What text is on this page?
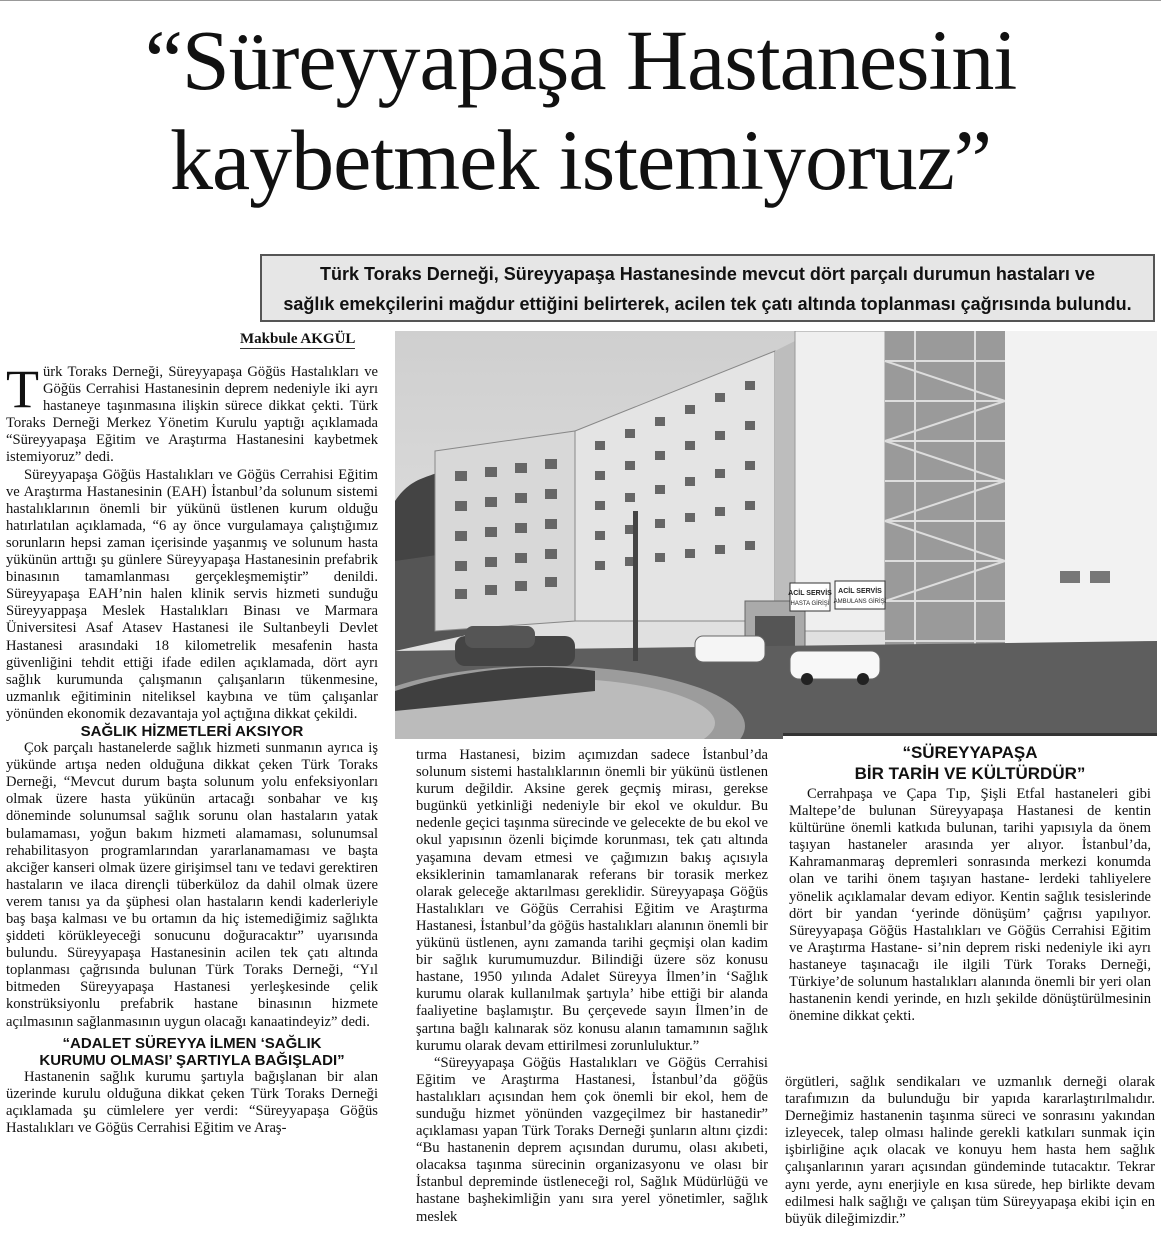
“Süreyyapaşa Hastanesini
kaybetmek istemiyoruz”
Türk Toraks Derneği, Süreyyapaşa Hastanesinde mevcut dört parçalı durumun hastaları ve
sağlık emekçilerini mağdur ettiğini belirterek, acilen tek çatı altında toplanması çağrısında bulundu.
Makbule AKGÜL

Türk Toraks Derneği, Süreyyapaşa Göğüs Hastalıkları ve Göğüs Cerrahisi Hastanesinin deprem nedeniyle iki ayrı hastaneye taşınmasına ilişkin sürece dikkat çekti. Türk Toraks Derneği Merkez Yönetim Kurulu yaptığı açıklamada “Süreyyapaşa Eğitim ve Araştırma Hastanesini kaybetmek istemiyoruz” dedi.

Süreyyapaşa Göğüs Hastalıkları ve Göğüs Cerrahisi Eğitim ve Araştırma Hastanesinin (EAH) İstanbul’da solunum sistemi hastalıklarının önemli bir yükünü üstlenen kurum olduğu hatırlatılan açıklamada, “6 ay önce vurgulamaya çalıştığımız sorunların hepsi zaman içerisinde yaşanmış ve solunum hasta yükünün arttığı şu günlere Süreyyapaşa Hastanesinin prefabrik binasının tamamlanması gerçekleşmemiştir” denildi. Süreyyapaşa EAH’nin halen klinik servis hizmeti sunduğu Süreyyappaşa Meslek Hastalıkları Binası ve Marmara Üniversitesi Asaf Atasev Hastanesi ile Sultanbeyli Devlet Hastanesi arasındaki 18 kilometrelik mesafenin hasta güvenliğini tehdit ettiği ifade edilen açıklamada, dört ayrı sağlık kurumunda çalışmanın çalışanların tükenmesine, uzmanlık eğitiminin niteliksel kaybına ve tüm çalışanlar yönünden ekonomik dezavantaja yol açtığına dikkat çekildi.

SAĞLIK HİZMETLERİ AKSIYOR

Çok parçalı hastanelerde sağlık hizmeti sunmanın ayrıca iş yükünde artışa neden olduğuna dikkat çeken Türk Toraks Derneği, “Mevcut durum başta solunum yolu enfeksiyonları olmak üzere hasta yükünün artacağı sonbahar ve kış döneminde solunumsal sağlık sorunu olan hastaların yatak bulamaması, yoğun bakım hizmeti alamaması, solunumsal rehabilitasyon programlarından yararlanamaması ve başta akciğer kanseri olmak üzere girişimsel tanı ve tedavi gerektiren hastaların ve ilaca dirençli tüberküloz da dahil olmak üzere verem tanısı ya da şüphesi olan hastaların kendi kaderleriyle baş başa kalması ve bu ortamın da hiç istemediğimiz sağlıkta şiddeti körükleyeceği sonucunu doğuracaktır” uyarısında bulundu. Süreyyapaşa Hastanesinin acilen tek çatı altında toplanması çağrısında bulunan Türk Toraks Derneği, “Yıl bitmeden Süreyyapaşa Hastanesi yerleşkesinde çelik konstrüksiyonlu prefabrik hastane binasının hizmete açılmasının sağlanmasının uygun olacağı kanaatindeyiz” dedi.

“ADALET SÜREYYA İLMEN ‘SAĞLIK

KURUMU OLMASI’ ŞARTIYLA BAĞIŞLADI”

Hastanenin sağlık kurumu şartıyla bağışlanan bir alan üzerinde kurulu olduğuna dikkat çeken Türk Toraks Derneği açıklamada şu cümlelere yer verdi: “Süreyyapaşa Göğüs Hastalıkları ve Göğüs Cerrahisi Eğitim ve Araş-

ACİL SERVİS
HASTA GİRİŞİ
ACİL SERVİS
AMBULANS GİRİŞİ

tırma Hastanesi, bizim açımızdan sadece İstanbul’da solunum sistemi hastalıklarının önemli bir yükünü üstlenen kurum değildir. Aksine gerek geçmiş mirası, gerekse bugünkü yetkinliği nedeniyle bir ekol ve okuldur. Bu nedenle geçici taşınma sürecinde ve gelecekte de bu ekol ve okul yapısının özenli biçimde korunması, tek çatı altında yaşamına devam etmesi ve çağımızın bakış açısıyla eksiklerinin tamamlanarak referans bir torasik merkez olarak geleceğe aktarılması gereklidir. Süreyyapaşa Göğüs Hastalıkları ve Göğüs Cerrahisi Eğitim ve Araştırma Hastanesi, İstanbul’da göğüs hastalıkları alanının önemli bir yükünü üstlenen, aynı zamanda tarihi geçmişi olan kadim bir sağlık kurumumuzdur. Bilindiği üzere söz konusu hastane, 1950 yılında Adalet Süreyya İlmen’in ‘Sağlık kurumu olarak kullanılmak şartıyla’ hibe ettiği bir alanda faaliyetine başlamıştır. Bu çerçevede sayın İlmen’in de şartına bağlı kalınarak söz konusu alanın tamamının sağlık kurumu olarak devam ettirilmesi zorunluluktur.”

“Süreyyapaşa Göğüs Hastalıkları ve Göğüs Cerrahisi Eğitim ve Araştırma Hastanesi, İstanbul’da göğüs hastalıkları açısından hem çok önemli bir ekol, hem de sunduğu hizmet yönünden vazgeçilmez bir hastanedir” açıklaması yapan Türk Toraks Derneği şunların altını çizdi: “Bu hastanenin deprem açısından durumu, olası akıbeti, olacaksa taşınma sürecinin organizasyonu ve olası bir İstanbul depreminde üstleneceği rol, Sağlık Müdürlüğü ve hastane başhekimliğin yanı sıra yerel yönetimler, sağlık meslek

“SÜREYYAPAŞA
BİR TARİH VE KÜLTÜRDÜR”

Cerrahpaşa ve Çapa Tıp, Şişli Etfal hastaneleri gibi Maltepe’de bulunan Süreyyapaşa Hastanesi de kentin kültürüne önemli katkıda bulunan, tarihi yapısıyla da önem taşıyan hastaneler arasında yer alıyor. İstanbul’da, Kahramanmaraş depremleri sonrasında merkezi konumda olan ve tarihi önem taşıyan hastane- lerdeki tahliyelere yönelik açıklamalar devam ediyor. Kentin sağlık tesislerinde dört bir yandan ‘yerinde dönüşüm’ çağrısı yapılıyor. Süreyyapaşa Göğüs Hastalıkları ve Göğüs Cerrahisi Eğitim ve Araştırma Hastane- si’nin deprem riski nedeniyle iki ayrı hastaneye taşınacağı ile ilgili Türk Toraks Derneği, Türkiye’de solunum hastalıkları alanında önemli bir yeri olan hastanenin kendi yerinde, en hızlı şekilde dönüştürülmesinin önemine dikkat çekti.

örgütleri, sağlık sendikaları ve uzmanlık derneği olarak tarafımızın da bulunduğu bir yapıda kararlaştırılmalıdır. Derneğimiz hastanenin taşınma süreci ve sonrasını yakından izleyecek, talep olması halinde gerekli katkıları sunmak için işbirliğine açık olacak ve konuyu hem hasta hem sağlık çalışanlarının yararı açısından gündeminde tutacaktır. Tekrar aynı yerde, aynı enerjiyle en kısa sürede, hep birlikte devam edilmesi halk sağlığı ve çalışan tüm Süreyyapaşa ekibi için en büyük dileğimizdir.”
